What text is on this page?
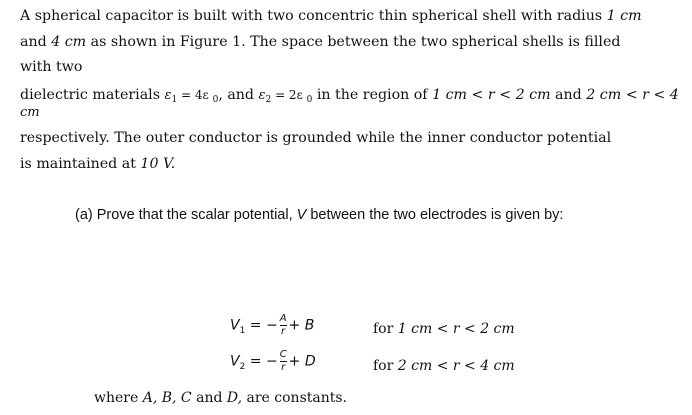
A spherical capacitor is built with two concentric thin spherical shell with radius 1 cm
and 4 cm as shown in Figure 1. The space between the two spherical shells is filled
with two
dielectric materials $\varepsilon_1 = 4\varepsilon$ $_0$, and $\varepsilon_2 = 2\varepsilon$ $_0$ in the region of 1 cm < r < 2 cm and 2 cm < r < 4
cm
respectively. The outer conductor is grounded while the inner conductor potential
is maintained at 10 V.
(a) Prove that the scalar potential, V between the two electrodes is given by:
$V_1$ = − $\frac{A}{r} + B$	for 1 cm < r < 2 cm
$V_2$ = − $\frac{C}{r} + D$	for 2 cm < r < 4 cm
where A, B, C and D, are constants.
